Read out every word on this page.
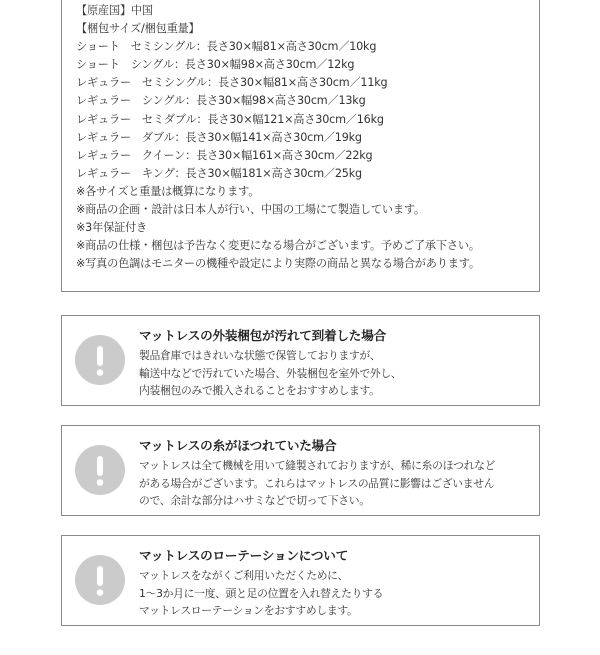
【原産国】中国
【梱包サイズ/梱包重量】
ショート　セミシングル：長さ30×幅81×高さ30cm／10kg
ショート　シングル：長さ30×幅98×高さ30cm／12kg
レギュラー　セミシングル：長さ30×幅81×高さ30cm／11kg
レギュラー　シングル：長さ30×幅98×高さ30cm／13kg
レギュラー　セミダブル：長さ30×幅121×高さ30cm／16kg
レギュラー　ダブル：長さ30×幅141×高さ30cm／19kg
レギュラー　クイーン：長さ30×幅161×高さ30cm／22kg
レギュラー　キング：長さ30×幅181×高さ30cm／25kg
※各サイズと重量は概算になります。
※商品の企画・設計は日本人が行い、中国の工場にて製造しています。
※3年保証付き
※商品の仕様・梱包は予告なく変更になる場合がございます。予めご了承下さい。
※写真の色調はモニターの機種や設定により実際の商品と異なる場合があります。
マットレスの外装梱包が汚れて到着した場合
製品倉庫ではきれいな状態で保管しておりますが、
輸送中などで汚れていた場合、外装梱包を室外で外し、
内装梱包のみで搬入されることをおすすめします。
マットレスの糸がほつれていた場合
マットレスは全て機械を用いて縫製されておりますが、稀に糸のほつれなど
がある場合がございます。これらはマットレスの品質に影響はございません
ので、余計な部分はハサミなどで切って下さい。
マットレスのローテーションについて
マットレスをながくご利用いただくために、
1〜3か月に一度、頭と足の位置を入れ替えたりする
マットレスローテーションをおすすめします。
